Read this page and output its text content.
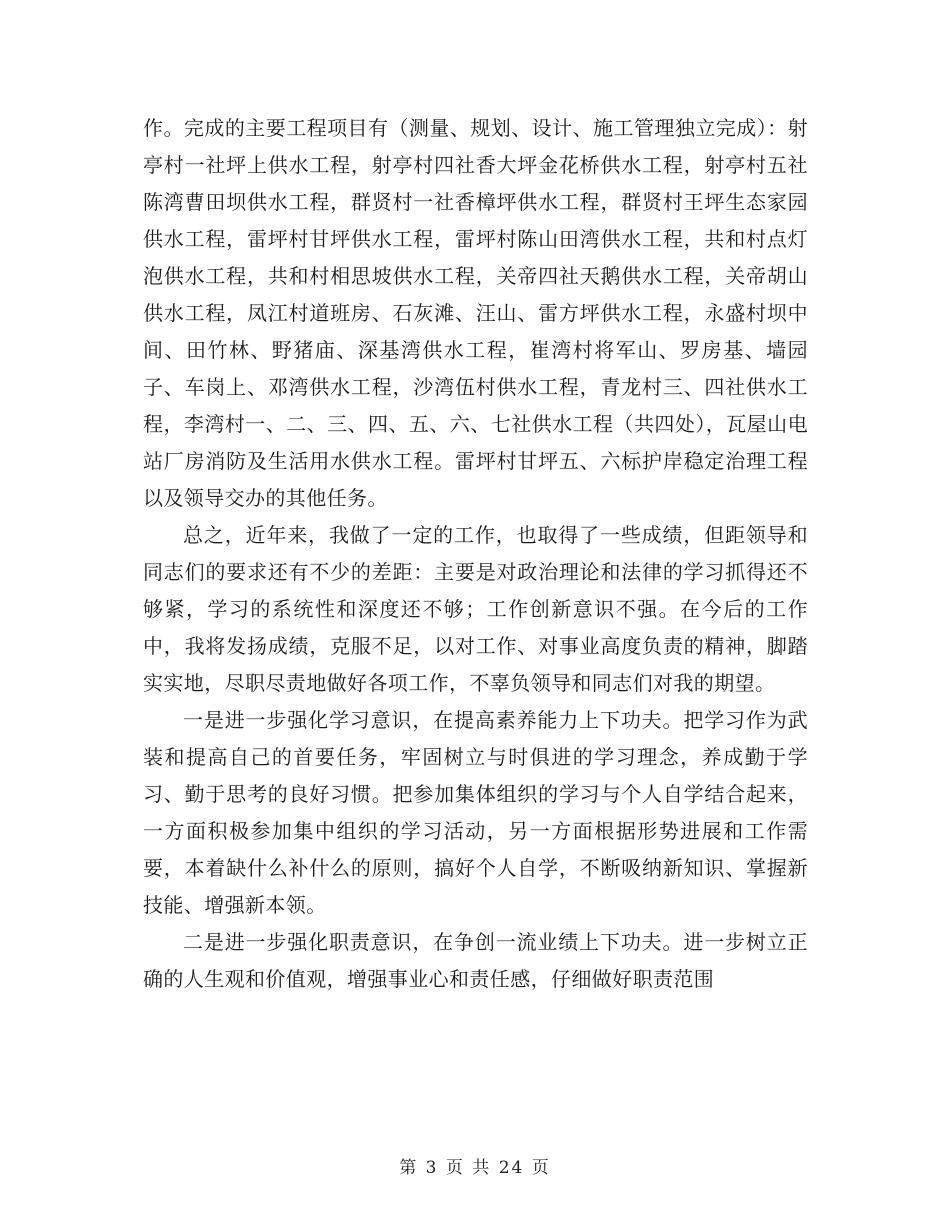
作。完成的主要工程项目有（测量、规划、设计、施工管理独立完成）：射亭村一社坪上供水工程，射亭村四社香大坪金花桥供水工程，射亭村五社陈湾曹田坝供水工程，群贤村一社香樟坪供水工程，群贤村王坪生态家园供水工程，雷坪村甘坪供水工程，雷坪村陈山田湾供水工程，共和村点灯泡供水工程，共和村相思坡供水工程，关帝四社天鹅供水工程，关帝胡山供水工程，凤江村道班房、石灰滩、汪山、雷方坪供水工程，永盛村坝中间、田竹林、野猪庙、深基湾供水工程，崔湾村将军山、罗房基、墙园子、车岗上、邓湾供水工程，沙湾伍村供水工程，青龙村三、四社供水工程，李湾村一、二、三、四、五、六、七社供水工程（共四处），瓦屋山电站厂房消防及生活用水供水工程。雷坪村甘坪五、六标护岸稳定治理工程以及领导交办的其他任务。

总之，近年来，我做了一定的工作，也取得了一些成绩，但距领导和同志们的要求还有不少的差距：主要是对政治理论和法律的学习抓得还不够紧，学习的系统性和深度还不够；工作创新意识不强。在今后的工作中，我将发扬成绩，克服不足，以对工作、对事业高度负责的精神，脚踏实实地，尽职尽责地做好各项工作，不辜负领导和同志们对我的期望。

一是进一步强化学习意识，在提高素养能力上下功夫。把学习作为武装和提高自己的首要任务，牢固树立与时俱进的学习理念，养成勤于学习、勤于思考的良好习惯。把参加集体组织的学习与个人自学结合起来，一方面积极参加集中组织的学习活动，另一方面根据形势进展和工作需要，本着缺什么补什么的原则，搞好个人自学，不断吸纳新知识、掌握新技能、增强新本领。

二是进一步强化职责意识，在争创一流业绩上下功夫。进一步树立正确的人生观和价值观，增强事业心和责任感，仔细做好职责范围

第 3 页 共 24 页
